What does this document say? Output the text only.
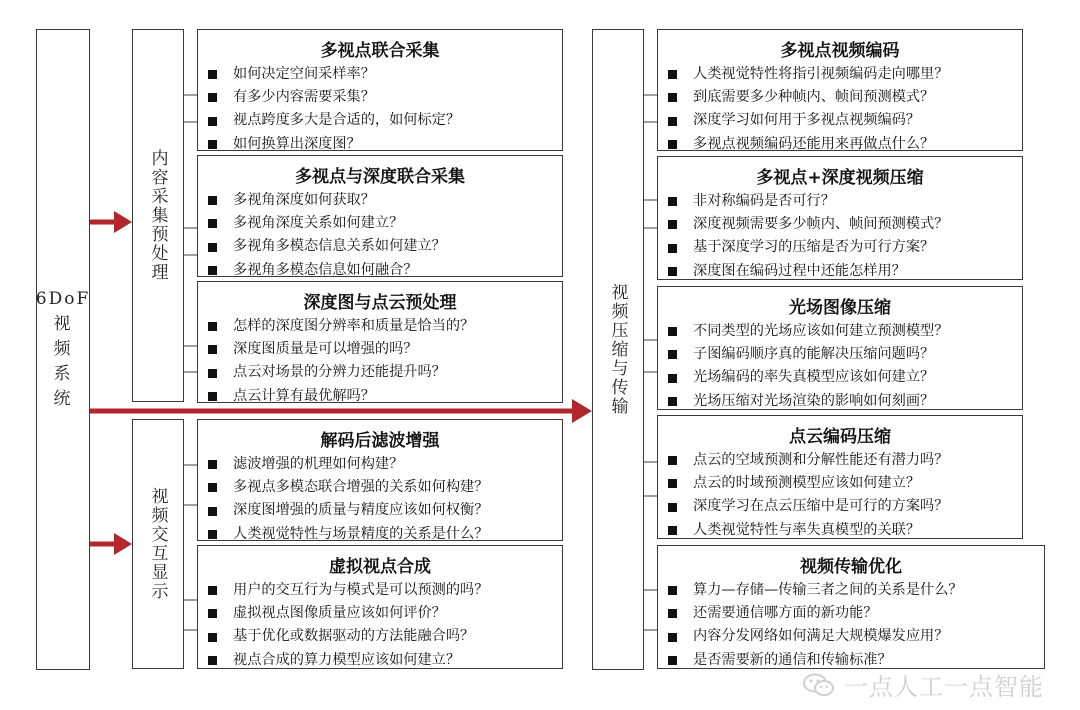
6DoF
视
频
系
统
内容采集预处理
视频交互显示
视频压缩与传输
多视点联合采集
如何决定空间采样率？
有多少内容需要采集？
视点跨度多大是合适的，如何标定？
如何换算出深度图？
多视点与深度联合采集
多视角深度如何获取？
多视角深度关系如何建立？
多视角多模态信息关系如何建立？
多视角多模态信息如何融合？
深度图与点云预处理
怎样的深度图分辨率和质量是恰当的？
深度图质量是可以增强的吗？
点云对场景的分辨力还能提升吗？
点云计算有最优解吗？
解码后滤波增强
滤波增强的机理如何构建？
多视点多模态联合增强的关系如何构建？
深度图增强的质量与精度应该如何权衡？
人类视觉特性与场景精度的关系是什么？
虚拟视点合成
用户的交互行为与模式是可以预测的吗？
虚拟视点图像质量应该如何评价？
基于优化或数据驱动的方法能融合吗？
视点合成的算力模型应该如何建立？
多视点视频编码
人类视觉特性将指引视频编码走向哪里？
到底需要多少种帧内、帧间预测模式？
深度学习如何用于多视点视频编码？
多视点视频编码还能用来再做点什么？
多视点+深度视频压缩
非对称编码是否可行？
深度视频需要多少帧内、帧间预测模式？
基于深度学习的压缩是否为可行方案？
深度图在编码过程中还能怎样用？
光场图像压缩
不同类型的光场应该如何建立预测模型？
子图编码顺序真的能解决压缩问题吗？
光场编码的率失真模型应该如何建立？
光场压缩对光场渲染的影响如何刻画？
点云编码压缩
点云的空域预测和分解性能还有潜力吗？
点云的时域预测模型应该如何建立？
深度学习在点云压缩中是可行的方案吗？
人类视觉特性与率失真模型的关联？
视频传输优化
算力—存储—传输三者之间的关系是什么？
还需要通信哪方面的新功能？
内容分发网络如何满足大规模爆发应用？
是否需要新的通信和传输标准？
一点人工一点智能
